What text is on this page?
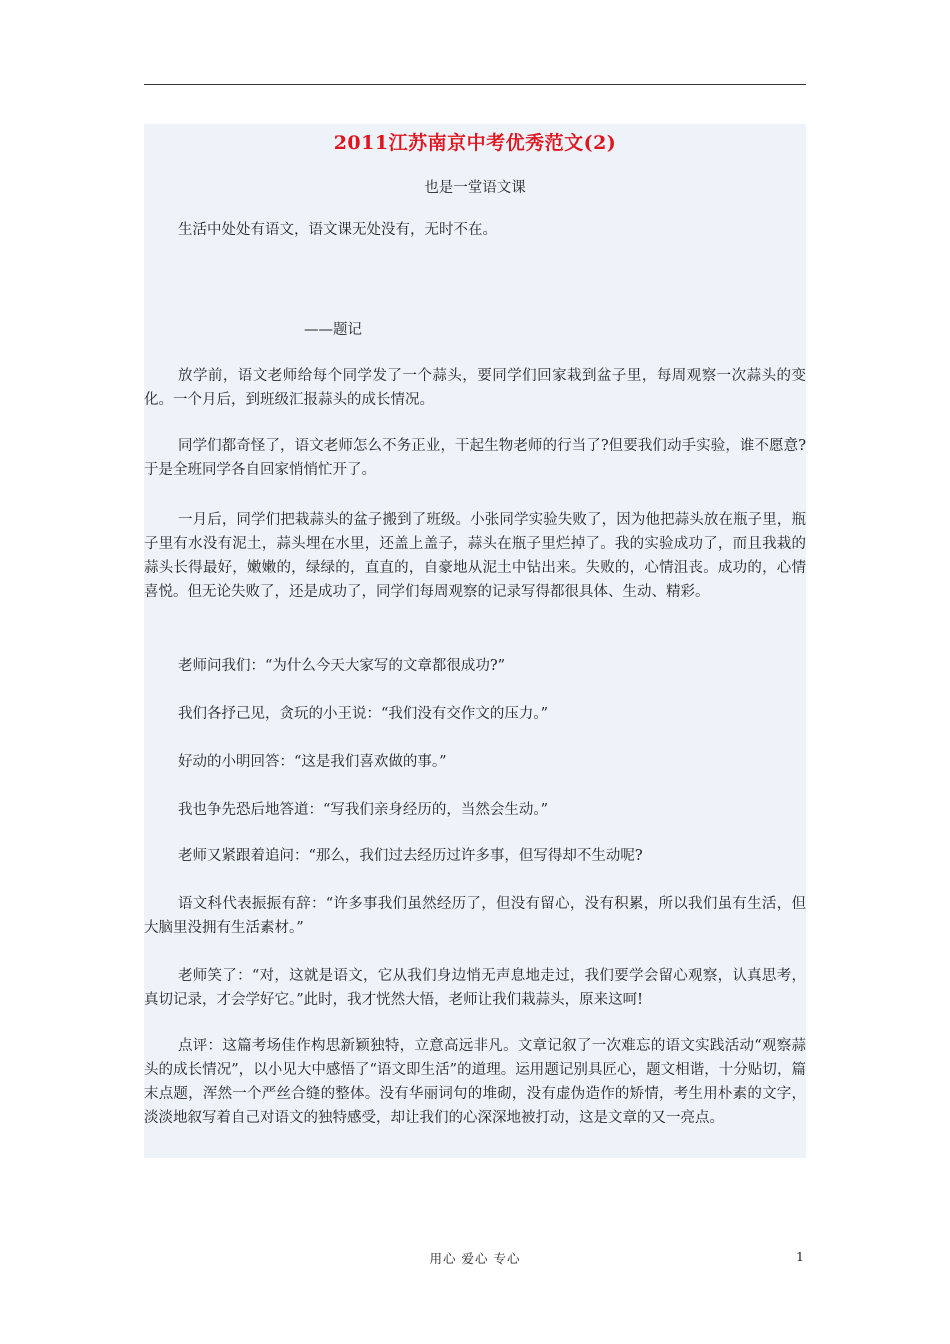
2011江苏南京中考优秀范文(2)
也是一堂语文课

生活中处处有语文，语文课无处没有，无时不在。

——题记

放学前，语文老师给每个同学发了一个蒜头，要同学们回家栽到盆子里，每周观察一次蒜头的变化。一个月后，到班级汇报蒜头的成长情况。

同学们都奇怪了，语文老师怎么不务正业，干起生物老师的行当了?但要我们动手实验，谁不愿意?于是全班同学各自回家悄悄忙开了。

一月后，同学们把栽蒜头的盆子搬到了班级。小张同学实验失败了，因为他把蒜头放在瓶子里，瓶子里有水没有泥土，蒜头埋在水里，还盖上盖子，蒜头在瓶子里烂掉了。我的实验成功了，而且我栽的蒜头长得最好，嫩嫩的，绿绿的，直直的，自豪地从泥土中钻出来。失败的，心情沮丧。成功的，心情喜悦。但无论失败了，还是成功了，同学们每周观察的记录写得都很具体、生动、精彩。

老师问我们：“为什么今天大家写的文章都很成功?”

我们各抒己见，贪玩的小王说：“我们没有交作文的压力。”

好动的小明回答：“这是我们喜欢做的事。”

我也争先恐后地答道：“写我们亲身经历的，当然会生动。”

老师又紧跟着追问：“那么，我们过去经历过许多事，但写得却不生动呢?

语文科代表振振有辞：“许多事我们虽然经历了，但没有留心，没有积累，所以我们虽有生活，但大脑里没拥有生活素材。”

老师笑了：“对，这就是语文，它从我们身边悄无声息地走过，我们要学会留心观察，认真思考，真切记录，才会学好它。”此时，我才恍然大悟，老师让我们栽蒜头，原来这呵!

点评：这篇考场佳作构思新颖独特，立意高远非凡。文章记叙了一次难忘的语文实践活动“观察蒜头的成长情况”，以小见大中感悟了“语文即生活”的道理。运用题记别具匠心，题文相谐，十分贴切，篇末点题，浑然一个严丝合缝的整体。没有华丽词句的堆砌，没有虚伪造作的矫情，考生用朴素的文字，淡淡地叙写着自己对语文的独特感受，却让我们的心深深地被打动，这是文章的又一亮点。

用心 爱心 专心	1
